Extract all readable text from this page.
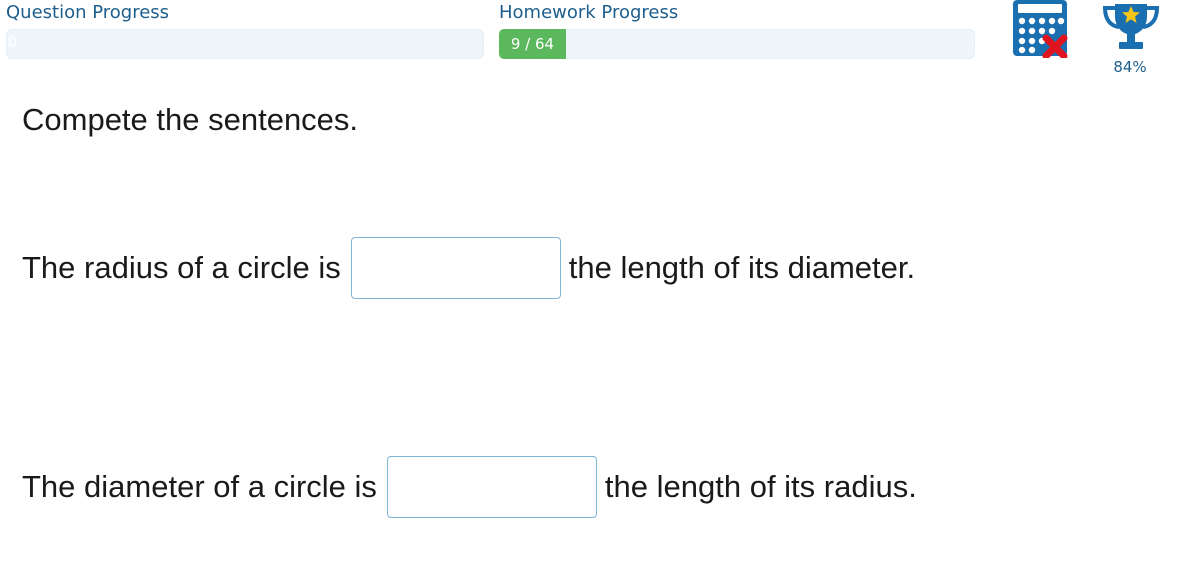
Question Progress
0
Homework Progress
9 / 64
84%
Compete the sentences.
The radius of a circle is	the length of its diameter.
The diameter of a circle is	the length of its radius.
